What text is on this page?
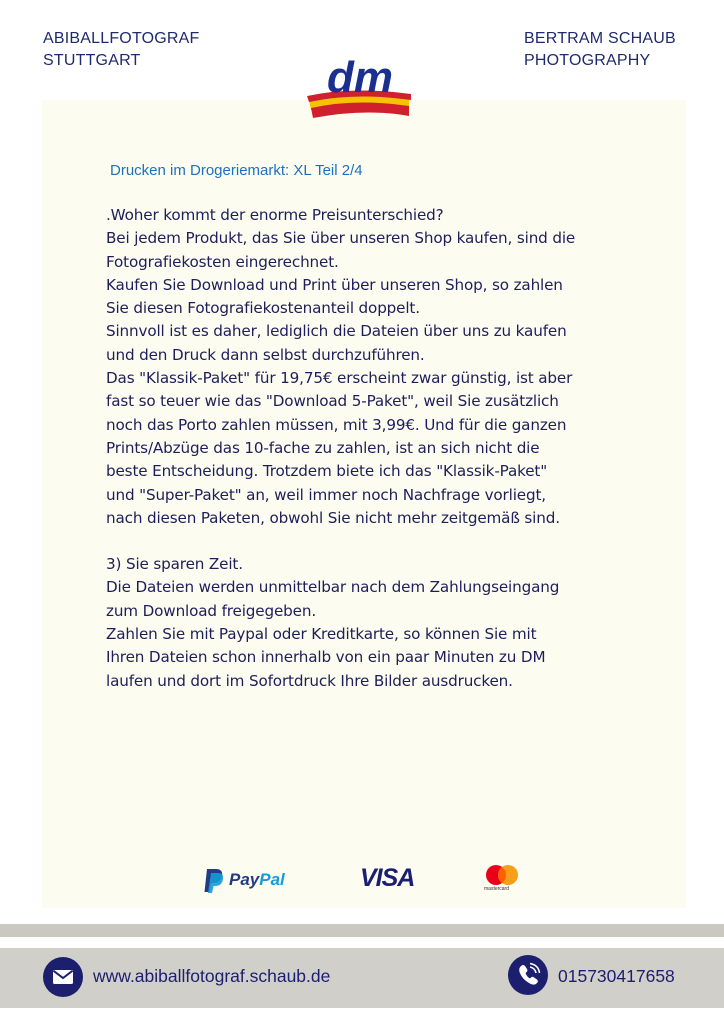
ABIBALLFOTOGRAF
STUTTGART
BERTRAM SCHAUB
PHOTOGRAPHY
dm
Drucken im Drogeriemarkt: XL Teil 2/4

.Woher kommt der enorme Preisunterschied?

Bei jedem Produkt, das Sie über unseren Shop kaufen, sind die

Fotografiekosten eingerechnet.

Kaufen Sie Download und Print über unseren Shop, so zahlen

Sie diesen Fotografiekostenanteil doppelt.

Sinnvoll ist es daher, lediglich die Dateien über uns zu kaufen

und den Druck dann selbst durchzuführen.

Das "Klassik-Paket" für 19,75€ erscheint zwar günstig, ist aber

fast so teuer wie das "Download 5-Paket", weil Sie zusätzlich

noch das Porto zahlen müssen, mit 3,99€. Und für die ganzen

Prints/Abzüge das 10-fache zu zahlen, ist an sich nicht die

beste Entscheidung. Trotzdem biete ich das "Klassik-Paket"

und "Super-Paket" an, weil immer noch Nachfrage vorliegt,

nach diesen Paketen, obwohl Sie nicht mehr zeitgemäß sind.

3) Sie sparen Zeit.

Die Dateien werden unmittelbar nach dem Zahlungseingang

zum Download freigegeben.

Zahlen Sie mit Paypal oder Kreditkarte, so können Sie mit

Ihren Dateien schon innerhalb von ein paar Minuten zu DM

laufen und dort im Sofortdruck Ihre Bilder ausdrucken.

PayPal	VISA	mastercard
www.abiballfotograf.schaub.de	015730417658
